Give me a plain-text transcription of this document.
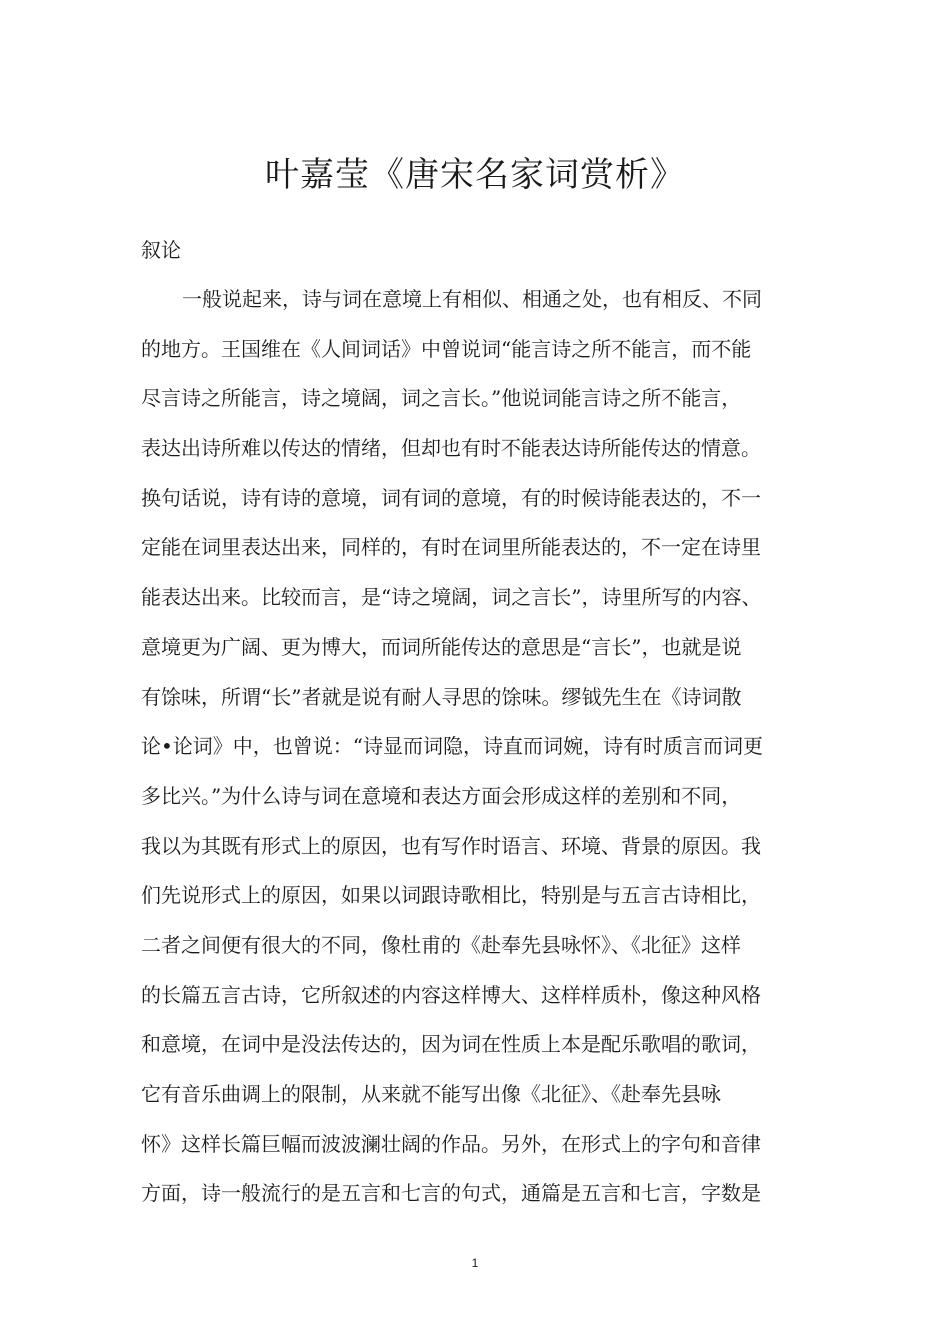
叶嘉莹《唐宋名家词赏析》
叙论
一般说起来，诗与词在意境上有相似、相通之处，也有相反、不同
的地方。王国维在《人间词话》中曾说词“能言诗之所不能言，而不能
尽言诗之所能言，诗之境阔，词之言长。”他说词能言诗之所不能言，
表达出诗所难以传达的情绪，但却也有时不能表达诗所能传达的情意。
换句话说，诗有诗的意境，词有词的意境，有的时候诗能表达的，不一
定能在词里表达出来，同样的，有时在词里所能表达的，不一定在诗里
能表达出来。比较而言，是“诗之境阔，词之言长”，诗里所写的内容、
意境更为广阔、更为博大，而词所能传达的意思是“言长”，也就是说
有馀味，所谓“长”者就是说有耐人寻思的馀味。缪钺先生在《诗词散
论•论词》中，也曾说：“诗显而词隐，诗直而词婉，诗有时质言而词更
多比兴。”为什么诗与词在意境和表达方面会形成这样的差别和不同，
我以为其既有形式上的原因，也有写作时语言、环境、背景的原因。我
们先说形式上的原因，如果以词跟诗歌相比，特别是与五言古诗相比，
二者之间便有很大的不同，像杜甫的《赴奉先县咏怀》、《北征》这样
的长篇五言古诗，它所叙述的内容这样博大、这样样质朴，像这种风格
和意境，在词中是没法传达的，因为词在性质上本是配乐歌唱的歌词，
它有音乐曲调上的限制，从来就不能写出像《北征》、《赴奉先县咏
怀》这样长篇巨幅而波波澜壮阔的作品。另外，在形式上的字句和音律
方面，诗一般流行的是五言和七言的句式，通篇是五言和七言，字数是
1
